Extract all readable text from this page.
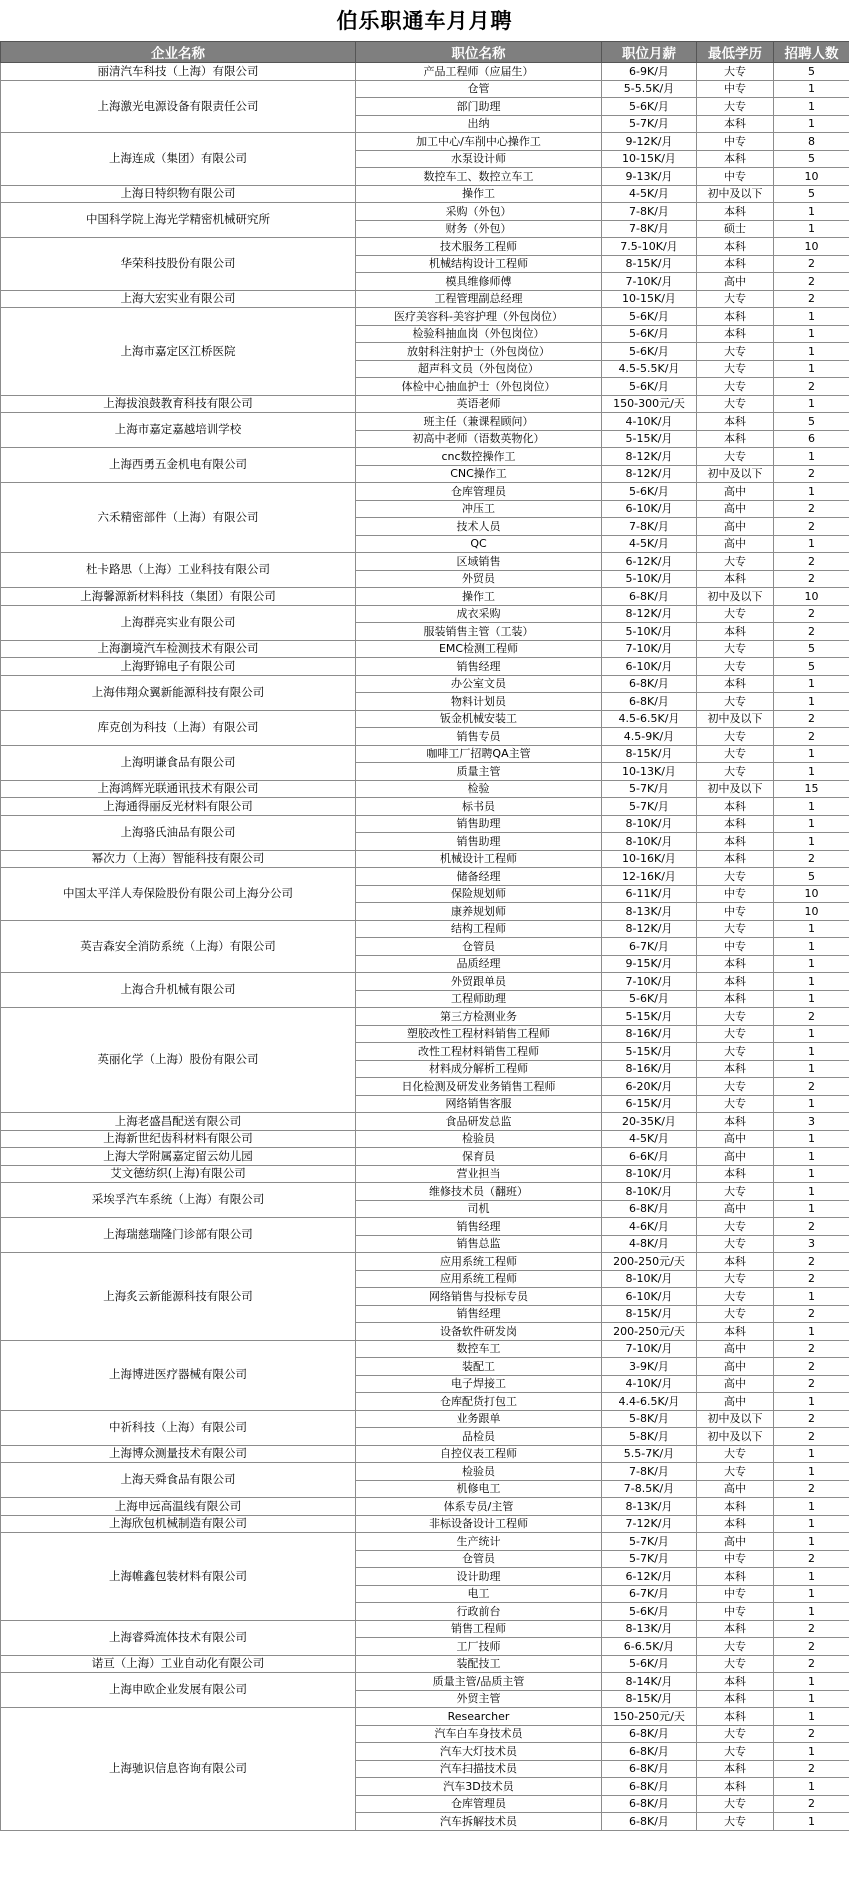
伯乐职通车月月聘
企业名称	职位名称	职位月薪	最低学历	招聘人数
丽清汽车科技（上海）有限公司	产品工程师（应届生）	6-9K/月	大专	5
上海激光电源设备有限责任公司	仓管	5-5.5K/月	中专	1
	部门助理	5-6K/月	大专	1
	出纳	5-7K/月	本科	1
上海连成（集团）有限公司	加工中心/车削中心操作工	9-12K/月	中专	8
	水泵设计师	10-15K/月	本科	5
	数控车工、数控立车工	9-13K/月	中专	10
上海日特织物有限公司	操作工	4-5K/月	初中及以下	5
中国科学院上海光学精密机械研究所	采购（外包）	7-8K/月	本科	1
	财务（外包）	7-8K/月	硕士	1
华荣科技股份有限公司	技术服务工程师	7.5-10K/月	本科	10
	机械结构设计工程师	8-15K/月	本科	2
	模具维修师傅	7-10K/月	高中	2
上海大宏实业有限公司	工程管理副总经理	10-15K/月	大专	2
上海市嘉定区江桥医院	医疗美容科-美容护理（外包岗位）	5-6K/月	本科	1
	检验科抽血岗（外包岗位）	5-6K/月	本科	1
	放射科注射护士（外包岗位）	5-6K/月	大专	1
	超声科文员（外包岗位）	4.5-5.5K/月	大专	1
	体检中心抽血护士（外包岗位）	5-6K/月	大专	2
上海拔浪鼓教育科技有限公司	英语老师	150-300元/天	大专	1
上海市嘉定嘉越培训学校	班主任（兼课程顾问）	4-10K/月	本科	5
	初高中老师（语数英物化）	5-15K/月	本科	6
上海西勇五金机电有限公司	cnc数控操作工	8-12K/月	大专	1
	CNC操作工	8-12K/月	初中及以下	2
六禾精密部件（上海）有限公司	仓库管理员	5-6K/月	高中	1
	冲压工	6-10K/月	高中	2
	技术人员	7-8K/月	高中	2
	QC	4-5K/月	高中	1
杜卡路思（上海）工业科技有限公司	区域销售	6-12K/月	大专	2
	外贸员	5-10K/月	本科	2
上海馨源新材料科技（集团）有限公司	操作工	6-8K/月	初中及以下	10
上海群亮实业有限公司	成衣采购	8-12K/月	大专	2
	服装销售主管（工装）	5-10K/月	本科	2
上海瀏境汽车检测技术有限公司	EMC检测工程师	7-10K/月	大专	5
上海野锦电子有限公司	销售经理	6-10K/月	大专	5
上海伟翔众翼新能源科技有限公司	办公室文员	6-8K/月	本科	1
	物料计划员	6-8K/月	大专	1
库克创为科技（上海）有限公司	钣金机械安装工	4.5-6.5K/月	初中及以下	2
	销售专员	4.5-9K/月	大专	2
上海明谦食品有限公司	咖啡工厂招聘QA主管	8-15K/月	大专	1
	质量主管	10-13K/月	大专	1
上海鸿辉光联通讯技术有限公司	检验	5-7K/月	初中及以下	15
上海通得丽反光材料有限公司	标书员	5-7K/月	本科	1
上海骆氏油品有限公司	销售助理	8-10K/月	本科	1
	销售助理	8-10K/月	本科	1
幂次力（上海）智能科技有限公司	机械设计工程师	10-16K/月	本科	2
中国太平洋人寿保险股份有限公司上海分公司	储备经理	12-16K/月	大专	5
	保险规划师	6-11K/月	中专	10
	康养规划师	8-13K/月	中专	10
英吉森安全消防系统（上海）有限公司	结构工程师	8-12K/月	大专	1
	仓管员	6-7K/月	中专	1
	品质经理	9-15K/月	本科	1
上海合升机械有限公司	外贸跟单员	7-10K/月	本科	1
	工程师助理	5-6K/月	本科	1
英丽化学（上海）股份有限公司	第三方检测业务	5-15K/月	大专	2
	塑胶改性工程材料销售工程师	8-16K/月	大专	1
	改性工程材料销售工程师	5-15K/月	大专	1
	材料成分解析工程师	8-16K/月	本科	1
	日化检测及研发业务销售工程师	6-20K/月	大专	2
	网络销售客服	6-15K/月	大专	1
上海老盛昌配送有限公司	食品研发总监	20-35K/月	本科	3
上海新世纪齿科材料有限公司	检验员	4-5K/月	高中	1
上海大学附属嘉定留云幼儿园	保育员	6-6K/月	高中	1
艾文德纺织(上海)有限公司	营业担当	8-10K/月	本科	1
采埃孚汽车系统（上海）有限公司	维修技术员（翻班）	8-10K/月	大专	1
	司机	6-8K/月	高中	1
上海瑞慈瑞隆门诊部有限公司	销售经理	4-6K/月	大专	2
	销售总监	4-8K/月	大专	3
上海炙云新能源科技有限公司	应用系统工程师	200-250元/天	本科	2
	应用系统工程师	8-10K/月	大专	2
	网络销售与投标专员	6-10K/月	大专	1
	销售经理	8-15K/月	大专	2
	设备软件研发岗	200-250元/天	本科	1
上海博进医疗器械有限公司	数控车工	7-10K/月	高中	2
	装配工	3-9K/月	高中	2
	电子焊接工	4-10K/月	高中	2
	仓库配货打包工	4.4-6.5K/月	高中	1
中祈科技（上海）有限公司	业务跟单	5-8K/月	初中及以下	2
	品检员	5-8K/月	初中及以下	2
上海博众测量技术有限公司	自控仪表工程师	5.5-7K/月	大专	1
上海天舜食品有限公司	检验员	7-8K/月	大专	1
	机修电工	7-8.5K/月	高中	2
上海申远高温线有限公司	体系专员/主管	8-13K/月	本科	1
上海欣包机械制造有限公司	非标设备设计工程师	7-12K/月	本科	1
上海帷鑫包装材料有限公司	生产统计	5-7K/月	高中	1
	仓管员	5-7K/月	中专	2
	设计助理	6-12K/月	本科	1
	电工	6-7K/月	中专	1
	行政前台	5-6K/月	中专	1
上海睿舜流体技术有限公司	销售工程师	8-13K/月	本科	2
	工厂技师	6-6.5K/月	大专	2
诺亘（上海）工业自动化有限公司	装配技工	5-6K/月	大专	2
上海申欧企业发展有限公司	质量主管/品质主管	8-14K/月	本科	1
	外贸主管	8-15K/月	本科	1
上海驰识信息咨询有限公司	Researcher	150-250元/天	本科	1
	汽车白车身技术员	6-8K/月	大专	2
	汽车大灯技术员	6-8K/月	大专	1
	汽车扫描技术员	6-8K/月	本科	2
	汽车3D技术员	6-8K/月	本科	1
	仓库管理员	6-8K/月	大专	2
	汽车拆解技术员	6-8K/月	大专	1
